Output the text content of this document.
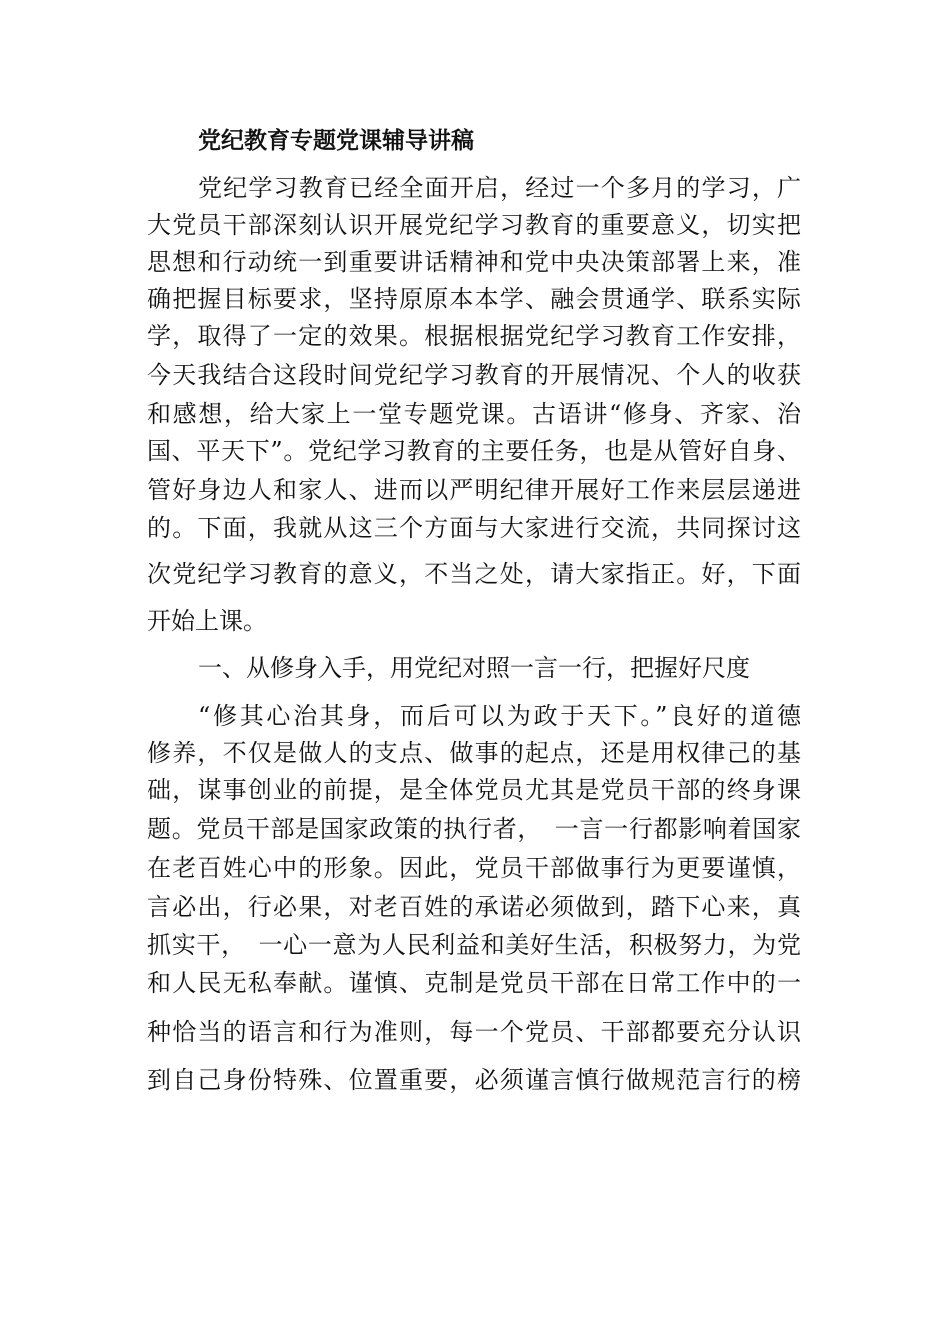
党纪教育专题党课辅导讲稿
党纪学习教育已经全面开启，经过一个多月的学习，广
大党员干部深刻认识开展党纪学习教育的重要意义，切实把
思想和行动统一到重要讲话精神和党中央决策部署上来，准
确把握目标要求，坚持原原本本学、融会贯通学、联系实际
学，取得了一定的效果。根据根据党纪学习教育工作安排，
今天我结合这段时间党纪学习教育的开展情况、个人的收获
和感想，给大家上一堂专题党课。古语讲“修身、齐家、治
国、平天下”。党纪学习教育的主要任务，也是从管好自身、
管好身边人和家人、进而以严明纪律开展好工作来层层递进
的。下面，我就从这三个方面与大家进行交流，共同探讨这
次党纪学习教育的意义，不当之处，请大家指正。好，下面
开始上课。
一、从修身入手，用党纪对照一言一行，把握好尺度
“修其心治其身，而后可以为政于天下。”良好的道德
修养，不仅是做人的支点、做事的起点，还是用权律己的基
础，谋事创业的前提，是全体党员尤其是党员干部的终身课
题。党员干部是国家政策的执行者，　一言一行都影响着国家
在老百姓心中的形象。因此，党员干部做事行为更要谨慎，
言必出，行必果，对老百姓的承诺必须做到，踏下心来，真
抓实干，　一心一意为人民利益和美好生活，积极努力，为党
和人民无私奉献。谨慎、克制是党员干部在日常工作中的一
种恰当的语言和行为准则，每一个党员、干部都要充分认识
到自己身份特殊、位置重要，必须谨言慎行做规范言行的榜
